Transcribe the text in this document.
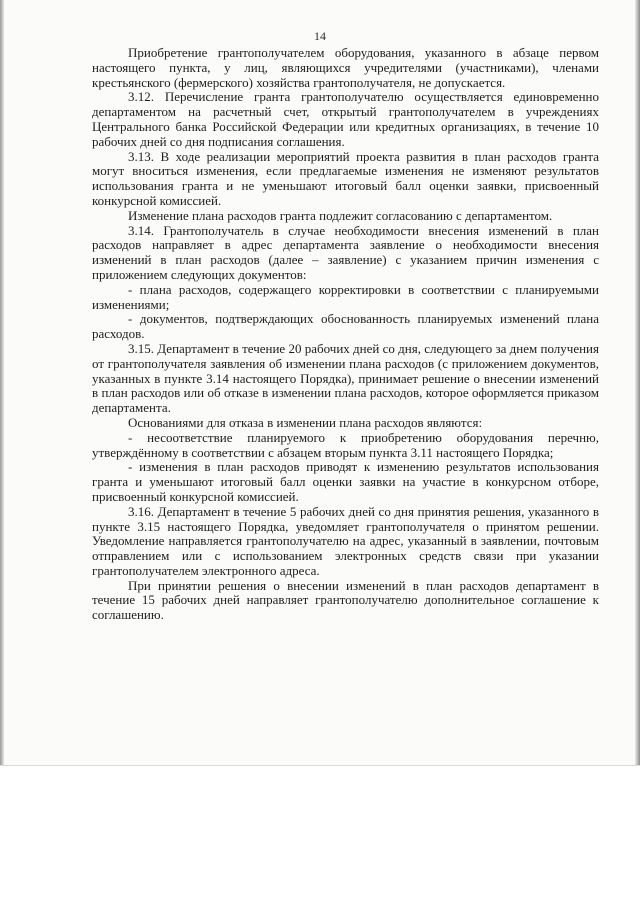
14

Приобретение грантополучателем оборудования, указанного в абзаце первом настоящего пункта, у лиц, являющихся учредителями (участниками), членами крестьянского (фермерского) хозяйства грантополучателя, не допускается.

3.12. Перечисление гранта грантополучателю осуществляется единовременно департаментом на расчетный счет, открытый грантополучателем в учреждениях Центрального банка Российской Федерации или кредитных организациях, в течение 10 рабочих дней со дня подписания соглашения.

3.13. В ходе реализации мероприятий проекта развития в план расходов гранта могут вноситься изменения, если предлагаемые изменения не изменяют результатов использования гранта и не уменьшают итоговый балл оценки заявки, присвоенный конкурсной комиссией.

Изменение плана расходов гранта подлежит согласованию с департаментом.

3.14. Грантополучатель в случае необходимости внесения изменений в план расходов направляет в адрес департамента заявление о необходимости внесения изменений в план расходов (далее – заявление) с указанием причин изменения с приложением следующих документов:

- плана расходов, содержащего корректировки в соответствии с планируемыми изменениями;

- документов, подтверждающих обоснованность планируемых изменений плана расходов.

3.15. Департамент в течение 20 рабочих дней со дня, следующего за днем получения от грантополучателя заявления об изменении плана расходов (с приложением документов, указанных в пункте 3.14 настоящего Порядка), принимает решение о внесении изменений в план расходов или об отказе в изменении плана расходов, которое оформляется приказом департамента.

Основаниями для отказа в изменении плана расходов являются:

- несоответствие планируемого к приобретению оборудования перечню, утверждённому в соответствии с абзацем вторым пункта 3.11 настоящего Порядка;

- изменения в план расходов приводят к изменению результатов использования гранта и уменьшают итоговый балл оценки заявки на участие в конкурсном отборе, присвоенный конкурсной комиссией.

3.16. Департамент в течение 5 рабочих дней со дня принятия решения, указанного в пункте 3.15 настоящего Порядка, уведомляет грантополучателя о принятом решении. Уведомление направляется грантополучателю на адрес, указанный в заявлении, почтовым отправлением или с использованием электронных средств связи при указании грантополучателем электронного адреса.

При принятии решения о внесении изменений в план расходов департамент в течение 15 рабочих дней направляет грантополучателю дополнительное соглашение к соглашению.
